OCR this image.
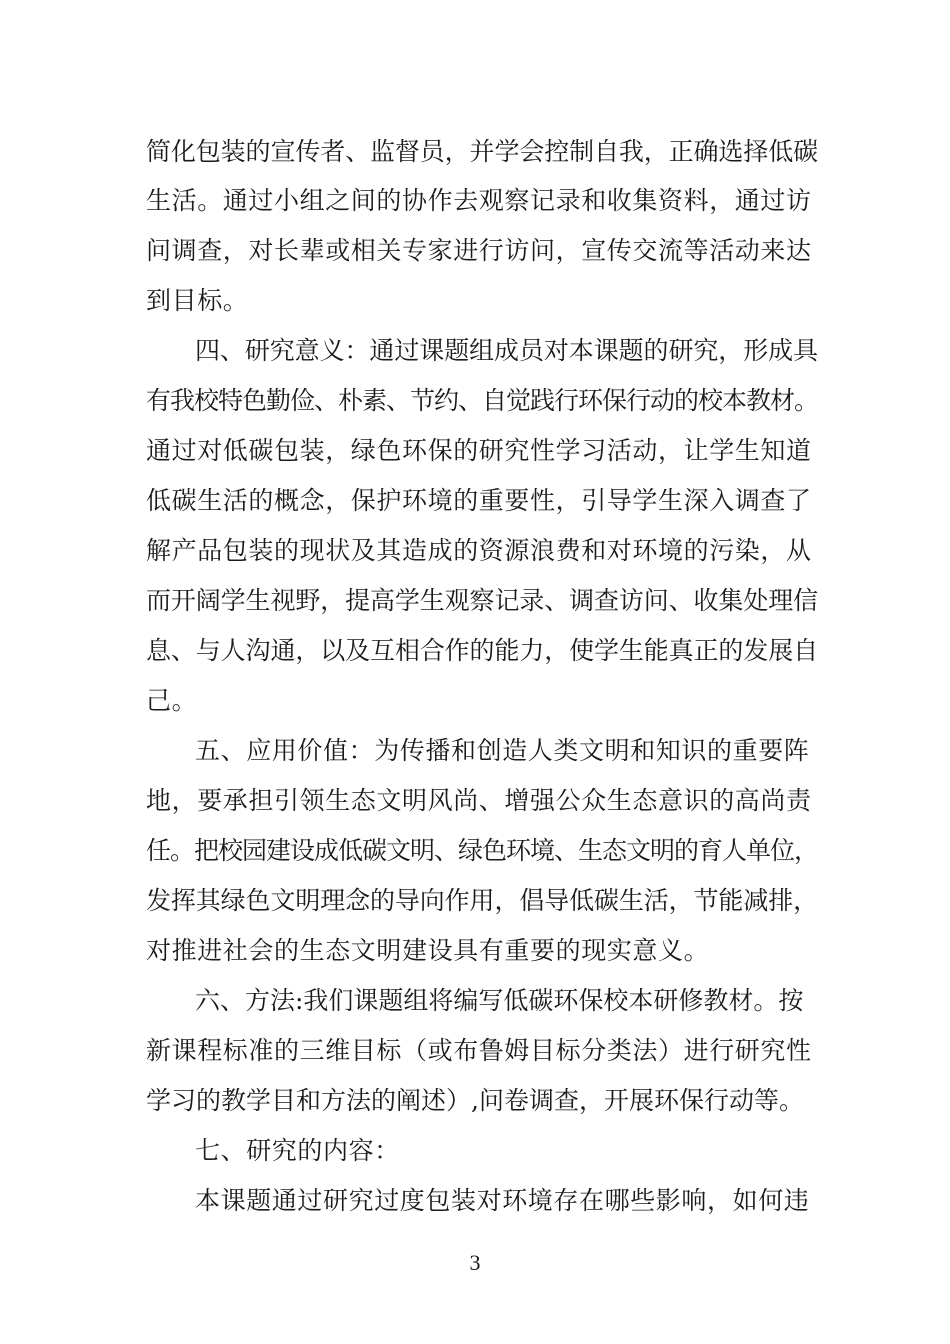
简化包装的宣传者、监督员，并学会控制自我，正确选择低碳
生活。通过小组之间的协作去观察记录和收集资料，通过访
问调查，对长辈或相关专家进行访问，宣传交流等活动来达
到目标。
四、研究意义：通过课题组成员对本课题的研究，形成具
有我校特色勤俭、朴素、节约、自觉践行环保行动的校本教材。
通过对低碳包装，绿色环保的研究性学习活动，让学生知道
低碳生活的概念，保护环境的重要性，引导学生深入调查了
解产品包装的现状及其造成的资源浪费和对环境的污染，从
而开阔学生视野，提高学生观察记录、调查访问、收集处理信
息、与人沟通，以及互相合作的能力，使学生能真正的发展自
己。
五、应用价值：为传播和创造人类文明和知识的重要阵
地，要承担引领生态文明风尚、增强公众生态意识的高尚责
任。把校园建设成低碳文明、绿色环境、生态文明的育人单位，
发挥其绿色文明理念的导向作用，倡导低碳生活，节能减排，
对推进社会的生态文明建设具有重要的现实意义。
六、方法:我们课题组将编写低碳环保校本研修教材。按
新课程标准的三维目标（或布鲁姆目标分类法）进行研究性
学习的教学目和方法的阐述）,问卷调查，开展环保行动等。
七、研究的内容：
本课题通过研究过度包装对环境存在哪些影响，如何违
3
